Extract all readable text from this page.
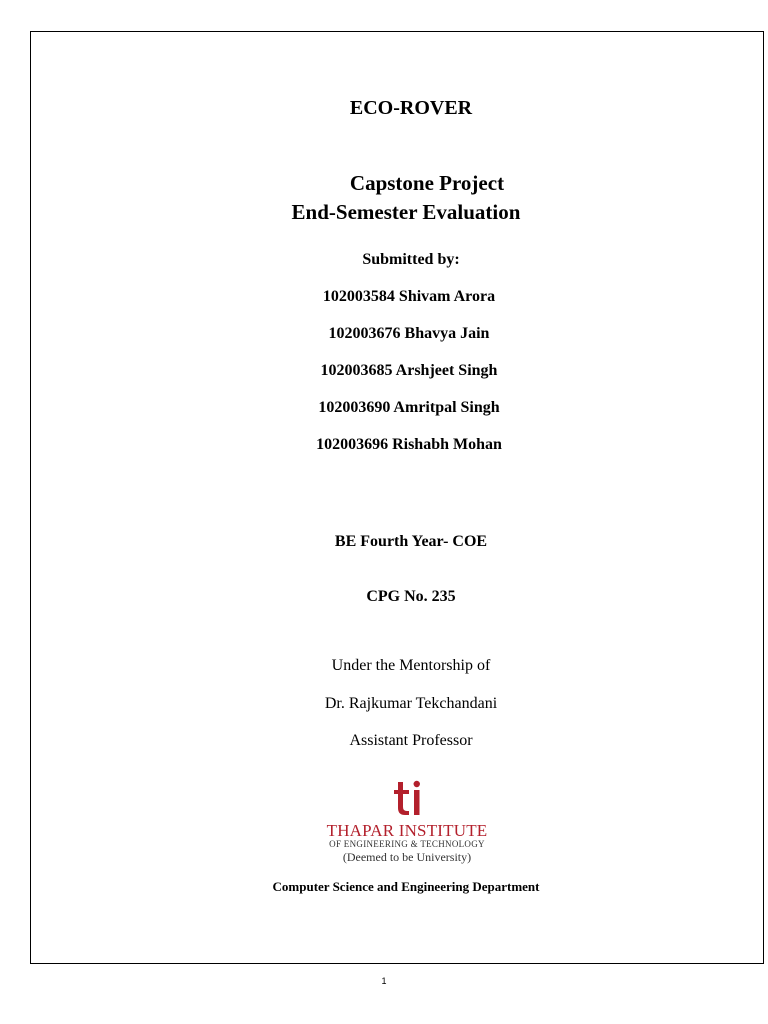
ECO-ROVER
Capstone Project
End-Semester Evaluation
Submitted by:
102003584 Shivam Arora
102003676 Bhavya Jain
102003685 Arshjeet Singh
102003690 Amritpal Singh
102003696 Rishabh Mohan
BE Fourth Year- COE
CPG No. 235
Under the Mentorship of
Dr. Rajkumar Tekchandani
Assistant Professor
THAPAR INSTITUTE
OF ENGINEERING & TECHNOLOGY
(Deemed to be University)
Computer Science and Engineering Department
1
